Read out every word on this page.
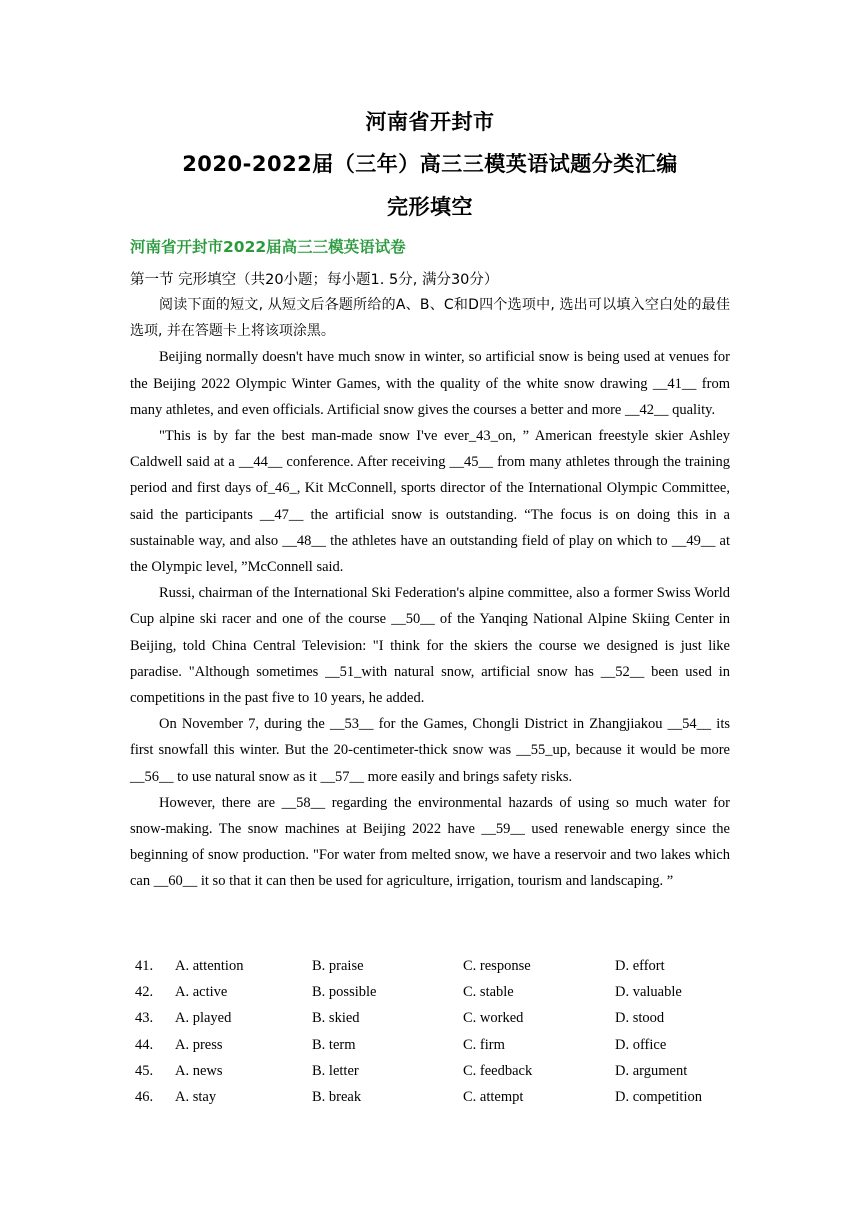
河南省开封市
2020-2022届（三年）高三三模英语试题分类汇编
完形填空
河南省开封市2022届高三三模英语试卷
第一节 完形填空（共20小题；每小题1. 5分, 满分30分）

阅读下面的短文, 从短文后各题所给的A、B、C和D四个选项中, 选出可以填入空白处的最佳选项, 并在答题卡上将该项涂黑。

Beijing normally doesn't have much snow in winter, so artificial snow is being used at venues for the Beijing 2022 Olympic Winter Games, with the quality of the white snow drawing __41__ from many athletes, and even officials. Artificial snow gives the courses a better and more __42__ quality.

"This is by far the best man-made snow I've ever_43_on, ” American freestyle skier Ashley Caldwell said at a __44__ conference. After receiving __45__ from many athletes through the training period and first days of_46_, Kit McConnell, sports director of the International Olympic Committee, said the participants __47__ the artificial snow is outstanding. “The focus is on doing this in a sustainable way, and also __48__ the athletes have an outstanding field of play on which to __49__ at the Olympic level, ”McConnell said.

Russi, chairman of the International Ski Federation's alpine committee, also a former Swiss World Cup alpine ski racer and one of the course __50__ of the Yanqing National Alpine Skiing Center in Beijing, told China Central Television: "I think for the skiers the course we designed is just like paradise. "Although sometimes __51_with natural snow, artificial snow has __52__ been used in competitions in the past five to 10 years, he added.

On November 7, during the __53__ for the Games, Chongli District in Zhangjiakou __54__ its first snowfall this winter. But the 20-centimeter-thick snow was __55_up, because it would be more __56__ to use natural snow as it __57__ more easily and brings safety risks.

However, there are __58__ regarding the environmental hazards of using so much water for snow-making. The snow machines at Beijing 2022 have __59__ used renewable energy since the beginning of snow production. "For water from melted snow, we have a reservoir and two lakes which can __60__ it so that it can then be used for agriculture, irrigation, tourism and landscaping. ”

41. A. attention	B. praise	C. response	D. effort
42. A. active	B. possible	C. stable	D. valuable
43. A. played	B. skied	C. worked	D. stood
44. A. press	B. term	C. firm	D. office
45. A. news	B. letter	C. feedback	D. argument
46. A. stay	B. break	C. attempt	D. competition
